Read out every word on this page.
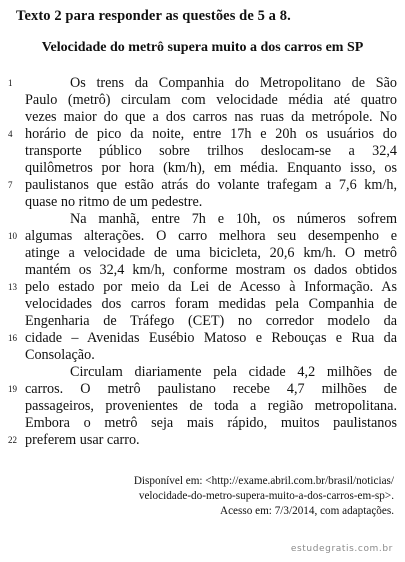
Texto 2 para responder as questões de 5 a 8.
Velocidade do metrô supera muito a dos carros em SP
1
4
7
10
13
16
19
22
Os trens da Companhia do Metropolitano de São
Paulo (metrô) circulam com velocidade média até quatro
vezes maior do que a dos carros nas ruas da metrópole. No
horário de pico da noite, entre 17h e 20h os usuários do
transporte público sobre trilhos deslocam-se a 32,4
quilômetros por hora (km/h), em média. Enquanto isso, os
paulistanos que estão atrás do volante trafegam a 7,6 km/h,
quase no ritmo de um pedestre.
Na manhã, entre 7h e 10h, os números sofrem
algumas alterações. O carro melhora seu desempenho e
atinge a velocidade de uma bicicleta, 20,6 km/h. O metrô
mantém os 32,4 km/h, conforme mostram os dados obtidos
pelo estado por meio da Lei de Acesso à Informação. As
velocidades dos carros foram medidas pela Companhia de
Engenharia de Tráfego (CET) no corredor modelo da
cidade – Avenidas Eusébio Matoso e Rebouças e Rua da
Consolação.
Circulam diariamente pela cidade 4,2 milhões de
carros. O metrô paulistano recebe 4,7 milhões de
passageiros, provenientes de toda a região metropolitana.
Embora o metrô seja mais rápido, muitos paulistanos
preferem usar carro.
Disponível em: <http://exame.abril.com.br/brasil/noticias/
velocidade-do-metro-supera-muito-a-dos-carros-em-sp>.
Acesso em: 7/3/2014, com adaptações.
estudegratis.com.br
